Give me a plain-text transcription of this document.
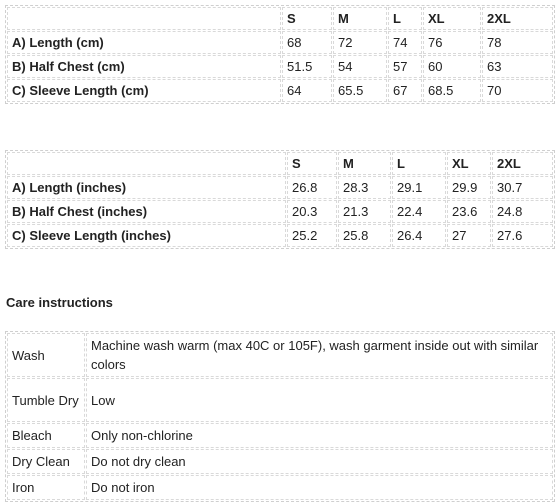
	S	M	L	XL	2XL
A) Length (cm)	68	72	74	76	78
B) Half Chest (cm)	51.5	54	57	60	63
C) Sleeve Length (cm)	64	65.5	67	68.5	70
	S	M	L	XL	2XL
A) Length (inches)	26.8	28.3	29.1	29.9	30.7
B) Half Chest (inches)	20.3	21.3	22.4	23.6	24.8
C) Sleeve Length (inches)	25.2	25.8	26.4	27	27.6
Care instructions
Wash	Machine wash warm (max 40C or 105F), wash garment inside out with similar colors
Tumble Dry	Low
Bleach	Only non-chlorine
Dry Clean	Do not dry clean
Iron	Do not iron
